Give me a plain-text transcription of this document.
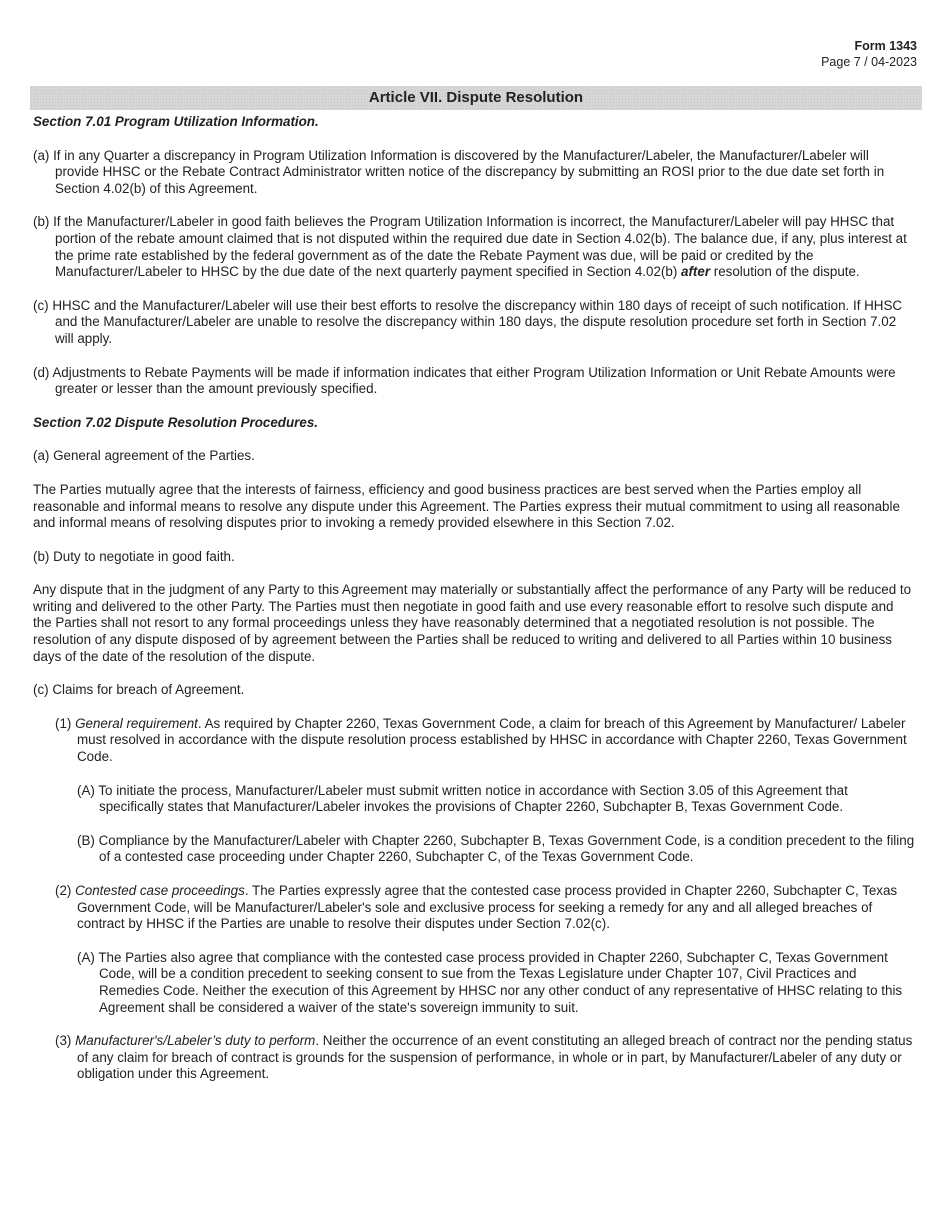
Form 1343
Page 7 / 04-2023
Article VII. Dispute Resolution

Section 7.01 Program Utilization Information.

(a) If in any Quarter a discrepancy in Program Utilization Information is discovered by the Manufacturer/Labeler, the Manufacturer/Labeler will provide HHSC or the Rebate Contract Administrator written notice of the discrepancy by submitting an ROSI prior to the due date set forth in Section 4.02(b) of this Agreement.

(b) If the Manufacturer/Labeler in good faith believes the Program Utilization Information is incorrect, the Manufacturer/Labeler will pay HHSC that portion of the rebate amount claimed that is not disputed within the required due date in Section 4.02(b). The balance due, if any, plus interest at the prime rate established by the federal government as of the date the Rebate Payment was due, will be paid or credited by the Manufacturer/Labeler to HHSC by the due date of the next quarterly payment specified in Section 4.02(b) after resolution of the dispute.

(c) HHSC and the Manufacturer/Labeler will use their best efforts to resolve the discrepancy within 180 days of receipt of such notification. If HHSC and the Manufacturer/Labeler are unable to resolve the discrepancy within 180 days, the dispute resolution procedure set forth in Section 7.02 will apply.

(d) Adjustments to Rebate Payments will be made if information indicates that either Program Utilization Information or Unit Rebate Amounts were greater or lesser than the amount previously specified.

Section 7.02 Dispute Resolution Procedures.

(a) General agreement of the Parties.

The Parties mutually agree that the interests of fairness, efficiency and good business practices are best served when the Parties employ all reasonable and informal means to resolve any dispute under this Agreement. The Parties express their mutual commitment to using all reasonable and informal means of resolving disputes prior to invoking a remedy provided elsewhere in this Section 7.02.

(b) Duty to negotiate in good faith.

Any dispute that in the judgment of any Party to this Agreement may materially or substantially affect the performance of any Party will be reduced to writing and delivered to the other Party. The Parties must then negotiate in good faith and use every reasonable effort to resolve such dispute and the Parties shall not resort to any formal proceedings unless they have reasonably determined that a negotiated resolution is not possible. The resolution of any dispute disposed of by agreement between the Parties shall be reduced to writing and delivered to all Parties within 10 business days of the date of the resolution of the dispute.

(c) Claims for breach of Agreement.

(1) General requirement. As required by Chapter 2260, Texas Government Code, a claim for breach of this Agreement by Manufacturer/ Labeler must resolved in accordance with the dispute resolution process established by HHSC in accordance with Chapter 2260, Texas Government Code.

(A) To initiate the process, Manufacturer/Labeler must submit written notice in accordance with Section 3.05 of this Agreement that specifically states that Manufacturer/Labeler invokes the provisions of Chapter 2260, Subchapter B, Texas Government Code.

(B) Compliance by the Manufacturer/Labeler with Chapter 2260, Subchapter B, Texas Government Code, is a condition precedent to the filing of a contested case proceeding under Chapter 2260, Subchapter C, of the Texas Government Code.

(2) Contested case proceedings. The Parties expressly agree that the contested case process provided in Chapter 2260, Subchapter C, Texas Government Code, will be Manufacturer/Labeler's sole and exclusive process for seeking a remedy for any and all alleged breaches of contract by HHSC if the Parties are unable to resolve their disputes under Section 7.02(c).

(A) The Parties also agree that compliance with the contested case process provided in Chapter 2260, Subchapter C, Texas Government Code, will be a condition precedent to seeking consent to sue from the Texas Legislature under Chapter 107, Civil Practices and Remedies Code. Neither the execution of this Agreement by HHSC nor any other conduct of any representative of HHSC relating to this Agreement shall be considered a waiver of the state's sovereign immunity to suit.

(3) Manufacturer's/Labeler’s duty to perform. Neither the occurrence of an event constituting an alleged breach of contract nor the pending status of any claim for breach of contract is grounds for the suspension of performance, in whole or in part, by Manufacturer/Labeler of any duty or obligation under this Agreement.
